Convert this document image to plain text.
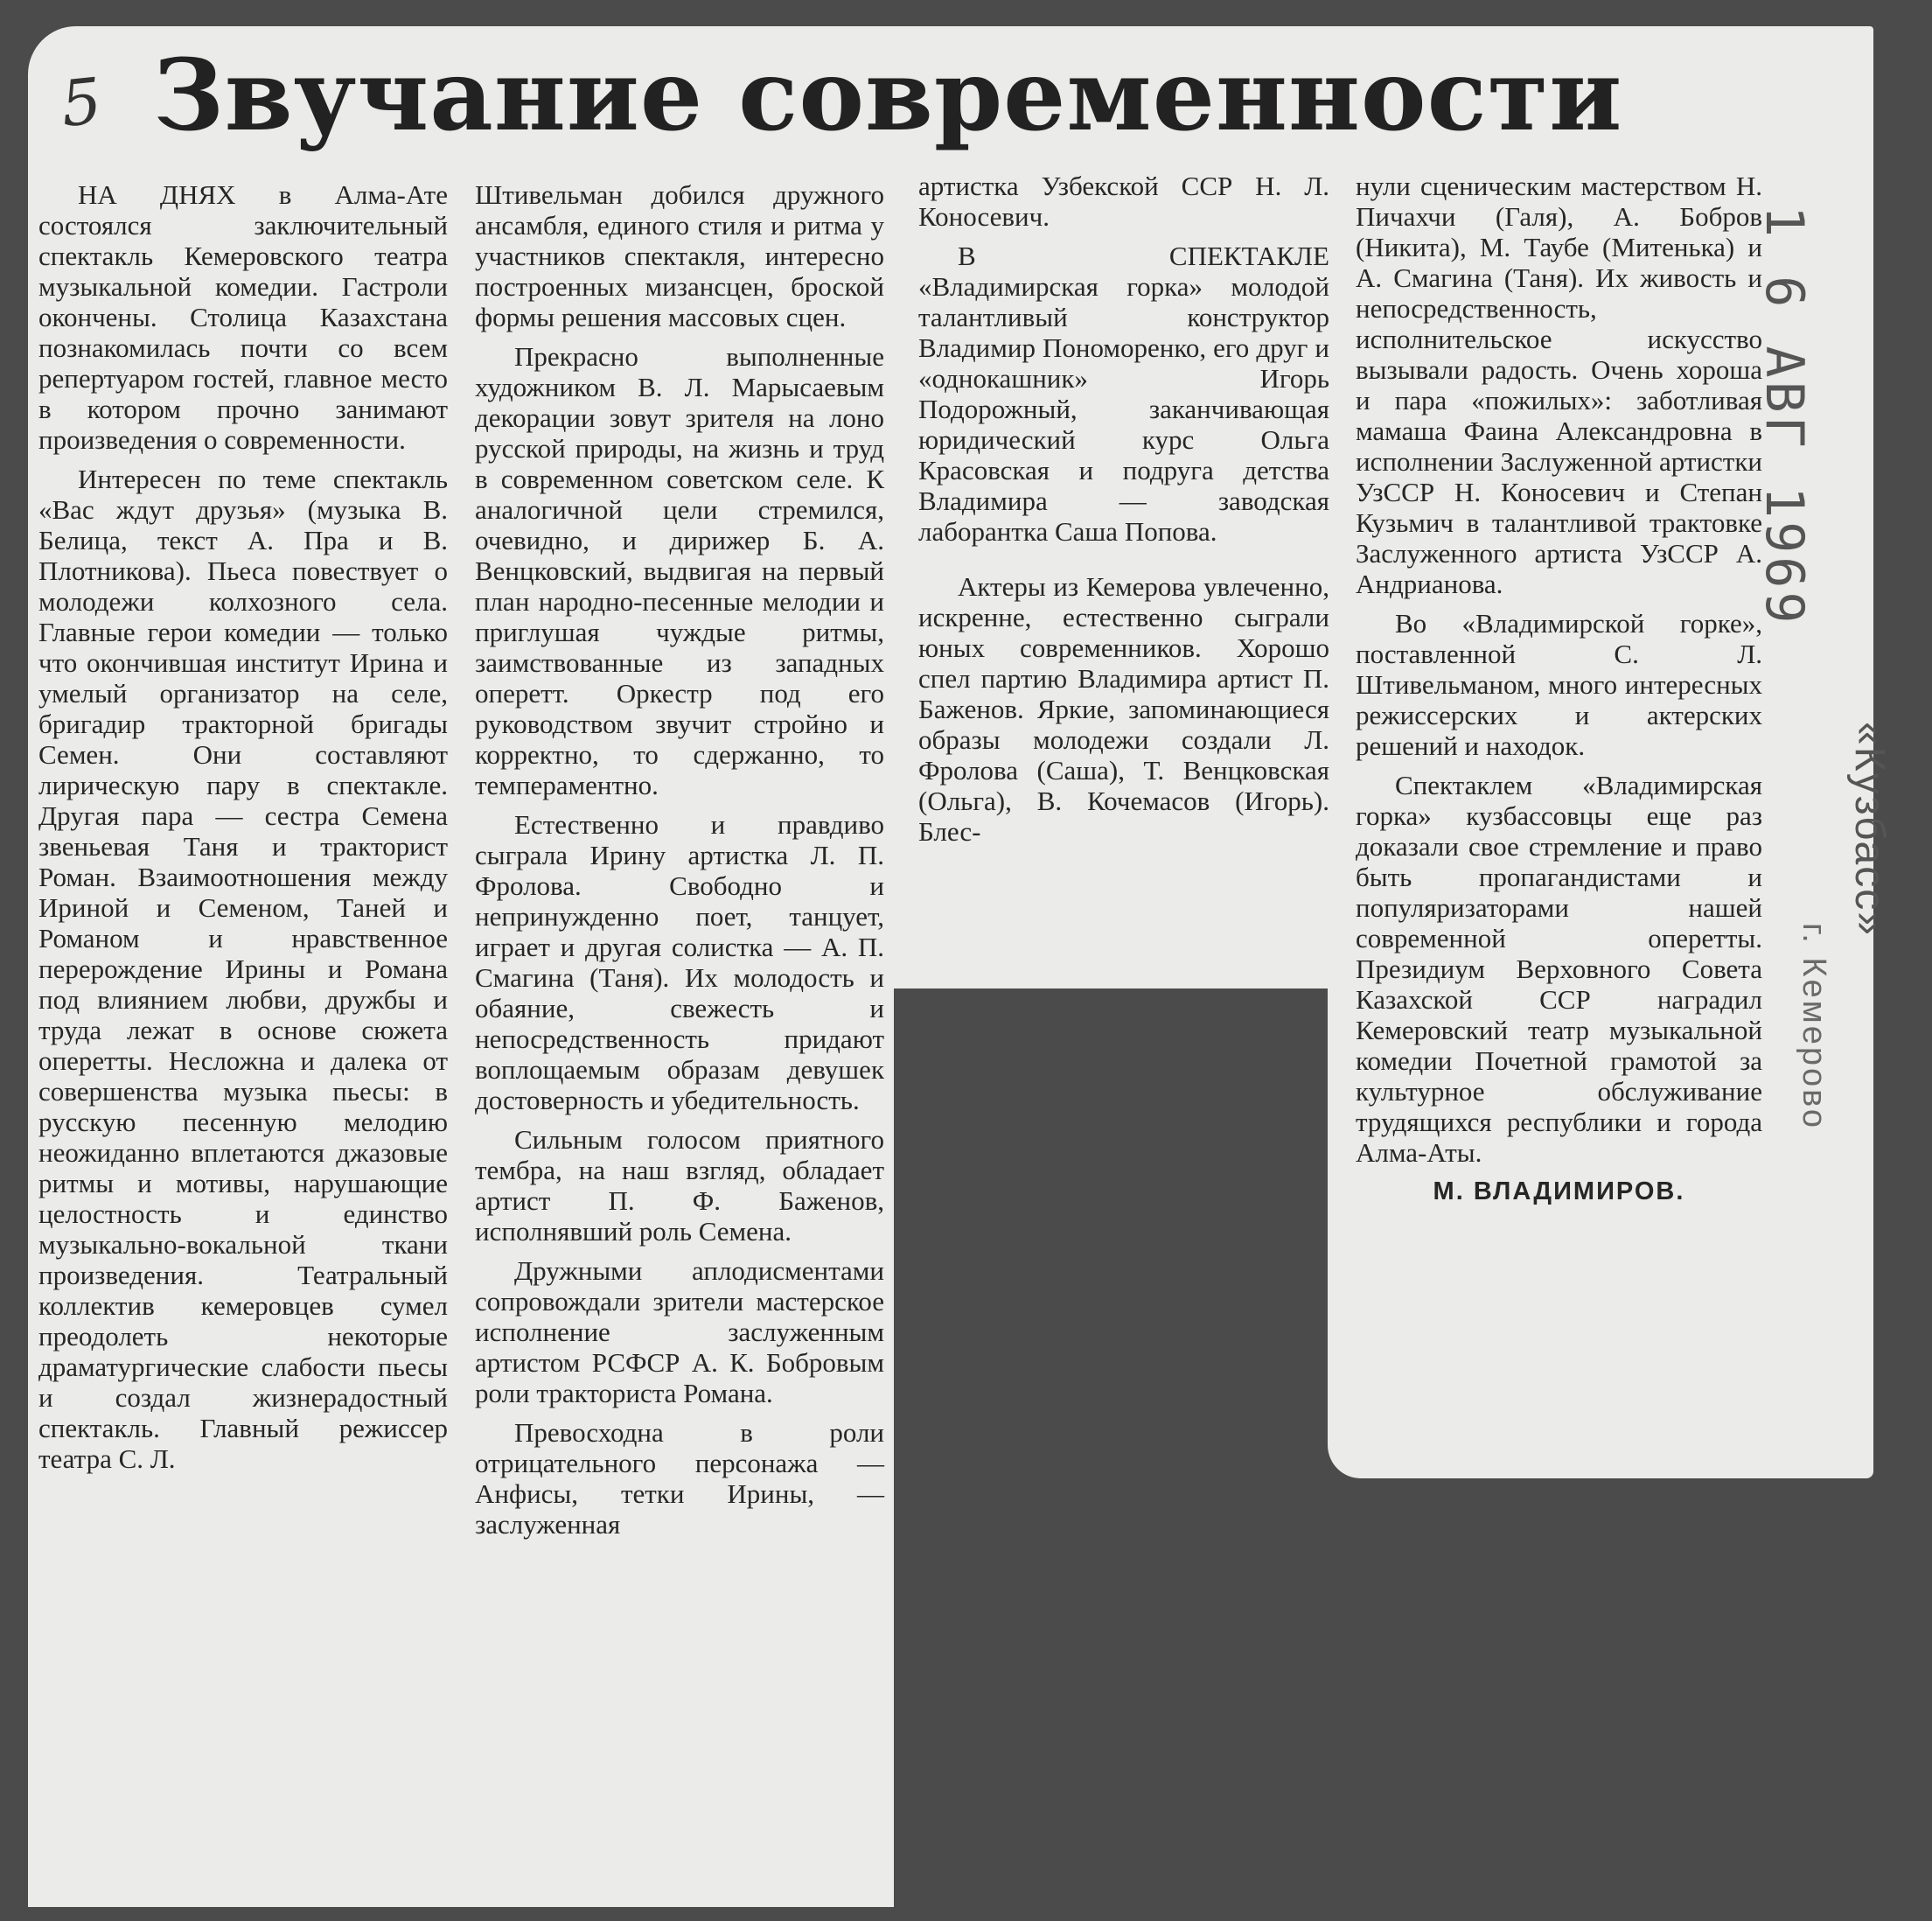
5 Звучание современности

НА ДНЯХ в Алма-Ате состоялся заключительный спектакль Кемеровского театра музыкальной комедии. Гастроли окончены. Столица Казахстана познакомилась почти со всем репертуаром гостей, главное место в котором прочно занимают произведения о современности.

Интересен по теме спектакль «Вас ждут друзья» (музыка В. Белица, текст А. Пра и В. Плотникова). Пьеса повествует о молодежи колхозного села. Главные герои комедии — только что окончившая институт Ирина и умелый организатор на селе, бригадир тракторной бригады Семен. Они составляют лирическую пару в спектакле. Другая пара — сестра Семена звеньевая Таня и тракторист Роман. Взаимоотношения между Ириной и Семеном, Таней и Романом и нравственное перерождение Ирины и Романа под влиянием любви, дружбы и труда лежат в основе сюжета оперетты. Несложна и далека от совершенства музыка пьесы: в русскую песенную мелодию неожиданно вплетаются джазовые ритмы и мотивы, нарушающие целостность и единство музыкально-вокальной ткани произведения. Театральный коллектив кемеровцев сумел преодолеть некоторые драматургические слабости пьесы и создал жизнерадостный спектакль. Главный режиссер театра С. Л.

Штивельман добился дружного ансамбля, единого стиля и ритма у участников спектакля, интересно построенных мизансцен, броской формы решения массовых сцен.

Прекрасно выполненные художником В. Л. Марысаевым декорации зовут зрителя на лоно русской природы, на жизнь и труд в современном советском селе. К аналогичной цели стремился, очевидно, и дирижер Б. А. Венцковский, выдвигая на первый план народно-песенные мелодии и приглушая чуждые ритмы, заимствованные из западных оперетт. Оркестр под его руководством звучит стройно и корректно, то сдержанно, то темпераментно.

Естественно и правдиво сыграла Ирину артистка Л. П. Фролова. Свободно и непринужденно поет, танцует, играет и другая солистка — А. П. Смагина (Таня). Их молодость и обаяние, свежесть и непосредственность придают воплощаемым образам девушек достоверность и убедительность.

Сильным голосом приятного тембра, на наш взгляд, обладает артист П. Ф. Баженов, исполнявший роль Семена.

Дружными аплодисментами сопровождали зрители мастерское исполнение заслуженным артистом РСФСР А. К. Бобровым роли тракториста Романа.

Превосходна в роли отрицательного персонажа — Анфисы, тетки Ирины, — заслуженная

артистка Узбекской ССР Н. Л. Коносевич.

В СПЕКТАКЛЕ «Владимирская горка» молодой талантливый конструктор Владимир Пономоренко, его друг и «однокашник» Игорь Подорожный, заканчивающая юридический курс Ольга Красовская и подруга детства Владимира — заводская лаборантка Саша Попова.

Актеры из Кемерова увлеченно, искренне, естественно сыграли юных современников. Хорошо спел партию Владимира артист П. Баженов. Яркие, запоминающиеся образы молодежи создали Л. Фролова (Саша), Т. Венцковская (Ольга), В. Кочемасов (Игорь). Блес-

нули сценическим мастерством Н. Пичахчи (Галя), А. Бобров (Никита), М. Таубе (Митенька) и А. Смагина (Таня). Их живость и непосредственность, исполнительское искусство вызывали радость. Очень хороша и пара «пожилых»: заботливая мамаша Фаина Александровна в исполнении Заслуженной артистки УзССР Н. Коносевич и Степан Кузьмич в талантливой трактовке Заслуженного артиста УзССР А. Андрианова.

Во «Владимирской горке», поставленной С. Л. Штивельманом, много интересных режиссерских и актерских решений и находок.

Спектаклем «Владимирская горка» кузбассовцы еще раз доказали свое стремление и право быть пропагандистами и популяризаторами нашей современной оперетты. Президиум Верховного Совета Казахской ССР наградил Кемеровский театр музыкальной комедии Почетной грамотой за культурное обслуживание трудящихся республики и города Алма-Аты.

М. ВЛАДИМИРОВ.
1 6 АВГ 1969
«Кузбасс»
г. Кемерово
